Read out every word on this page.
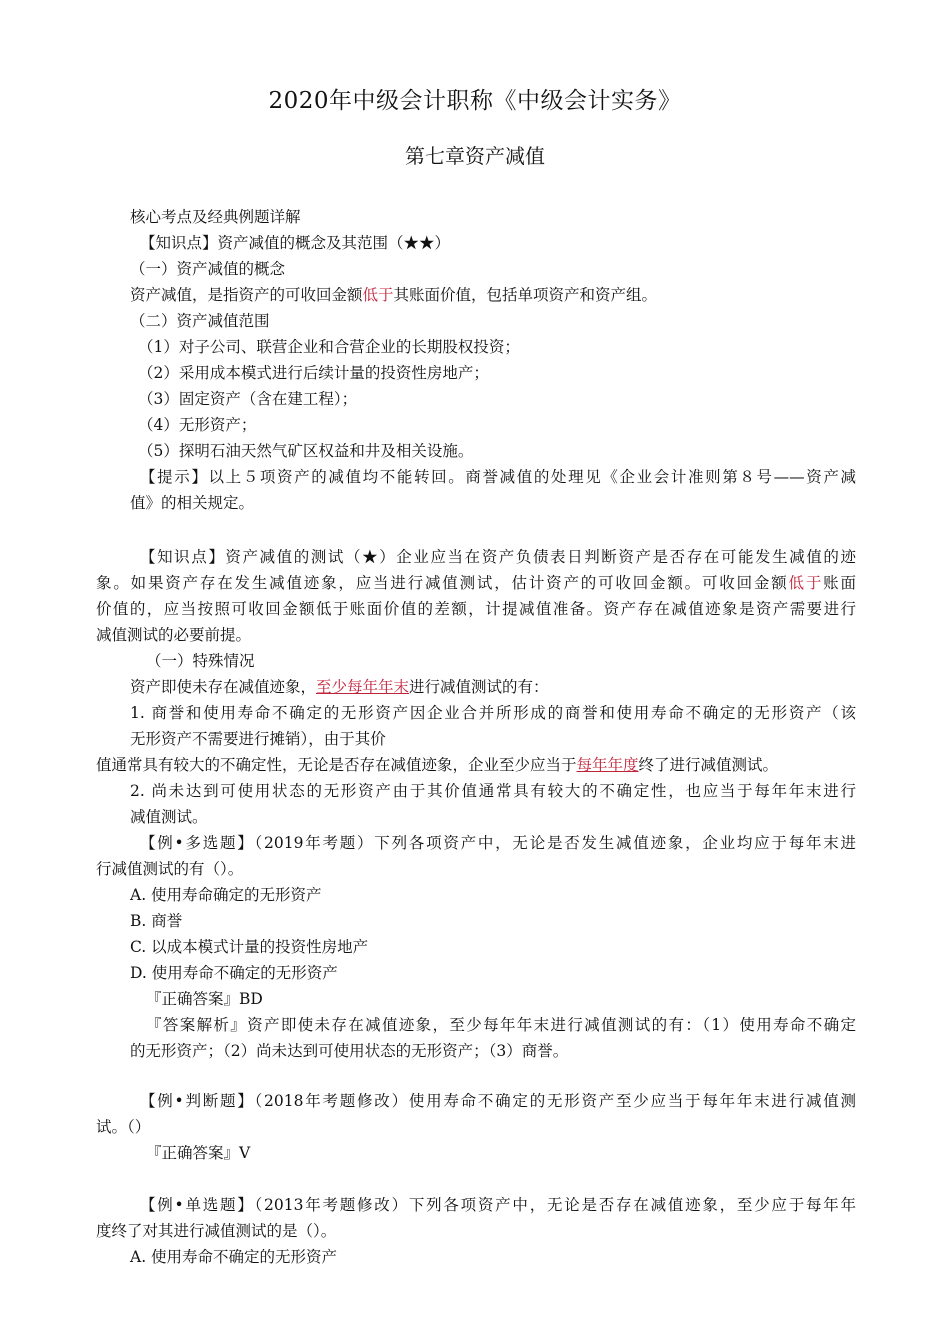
2020年中级会计职称《中级会计实务》
第七章资产减值
核心考点及经典例题详解
【知识点】资产减值的概念及其范围（★★）
（一）资产减值的概念
资产减值，是指资产的可收回金额低于其账面价值，包括单项资产和资产组。
（二）资产减值范围
（1）对子公司、联营企业和合营企业的长期股权投资；
（2）采用成本模式进行后续计量的投资性房地产；
（3）固定资产（含在建工程）；
（4）无形资产；
（5）探明石油天然气矿区权益和井及相关设施。
【提示】以上５项资产的减值均不能转回。商誉减值的处理见《企业会计准则第８号——资产减
值》的相关规定。
【知识点】资产减值的测试（★）企业应当在资产负债表日判断资产是否存在可能发生减值的迹
象。如果资产存在发生减值迹象，应当进行减值测试，估计资产的可收回金额。可收回金额低于账面
价值的，应当按照可收回金额低于账面价值的差额，计提减值准备。资产存在减值迹象是资产需要进行
减值测试的必要前提。
（一）特殊情况
资产即使未存在减值迹象，至少每年年末进行减值测试的有：
1. 商誉和使用寿命不确定的无形资产因企业合并所形成的商誉和使用寿命不确定的无形资产（该
无形资产不需要进行摊销），由于其价
值通常具有较大的不确定性，无论是否存在减值迹象，企业至少应当于每年年度终了进行减值测试。
2. 尚未达到可使用状态的无形资产由于其价值通常具有较大的不确定性，也应当于每年年末进行
减值测试。
【例•多选题】（2019年考题）下列各项资产中，无论是否发生减值迹象，企业均应于每年末进
行减值测试的有（）。
A. 使用寿命确定的无形资产
B. 商誉
C. 以成本模式计量的投资性房地产
D. 使用寿命不确定的无形资产
『正确答案』BD
『答案解析』资产即使未存在减值迹象，至少每年年末进行减值测试的有：（1）使用寿命不确定
的无形资产；（2）尚未达到可使用状态的无形资产；（3）商誉。
【例•判断题】（2018年考题修改）使用寿命不确定的无形资产至少应当于每年年末进行减值测
试。（）
『正确答案』V
【例•单选题】（2013年考题修改）下列各项资产中，无论是否存在减值迹象，至少应于每年年
度终了对其进行减值测试的是（）。
A. 使用寿命不确定的无形资产
